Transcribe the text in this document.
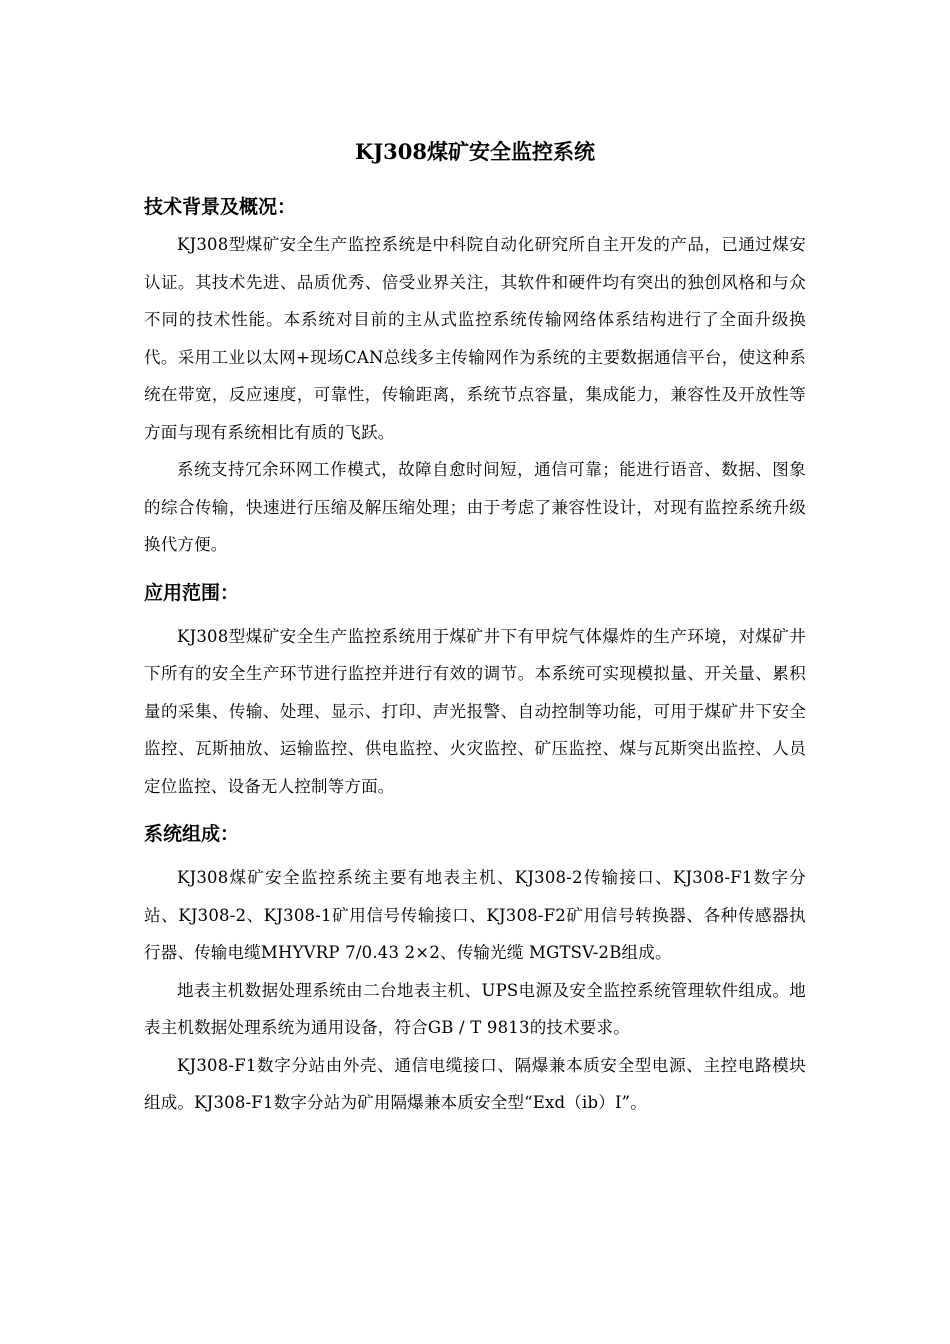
KJ308煤矿安全监控系统
技术背景及概况：

KJ308型煤矿安全生产监控系统是中科院自动化研究所自主开发的产品，已通过煤安认证。其技术先进、品质优秀、倍受业界关注，其软件和硬件均有突出的独创风格和与众不同的技术性能。本系统对目前的主从式监控系统传输网络体系结构进行了全面升级换代。采用工业以太网+现场CAN总线多主传输网作为系统的主要数据通信平台，使这种系统在带宽，反应速度，可靠性，传输距离，系统节点容量，集成能力，兼容性及开放性等方面与现有系统相比有质的飞跃。

系统支持冗余环网工作模式，故障自愈时间短，通信可靠；能进行语音、数据、图象的综合传输，快速进行压缩及解压缩处理；由于考虑了兼容性设计，对现有监控系统升级换代方便。

应用范围：

KJ308型煤矿安全生产监控系统用于煤矿井下有甲烷气体爆炸的生产环境，对煤矿井下所有的安全生产环节进行监控并进行有效的调节。本系统可实现模拟量、开关量、累积量的采集、传输、处理、显示、打印、声光报警、自动控制等功能，可用于煤矿井下安全监控、瓦斯抽放、运输监控、供电监控、火灾监控、矿压监控、煤与瓦斯突出监控、人员定位监控、设备无人控制等方面。

系统组成：

KJ308煤矿安全监控系统主要有地表主机、KJ308-2传输接口、KJ308-F1数字分站、KJ308-2、KJ308-1矿用信号传输接口、KJ308-F2矿用信号转换器、各种传感器执行器、传输电缆MHYVRP 7/0.43 2×2、传输光缆 MGTSV-2B组成。

地表主机数据处理系统由二台地表主机、UPS电源及安全监控系统管理软件组成。地表主机数据处理系统为通用设备，符合GB / T 9813的技术要求。

KJ308-F1数字分站由外壳、通信电缆接口、隔爆兼本质安全型电源、主控电路模块组成。KJ308-F1数字分站为矿用隔爆兼本质安全型“Exd（ib）I”。
